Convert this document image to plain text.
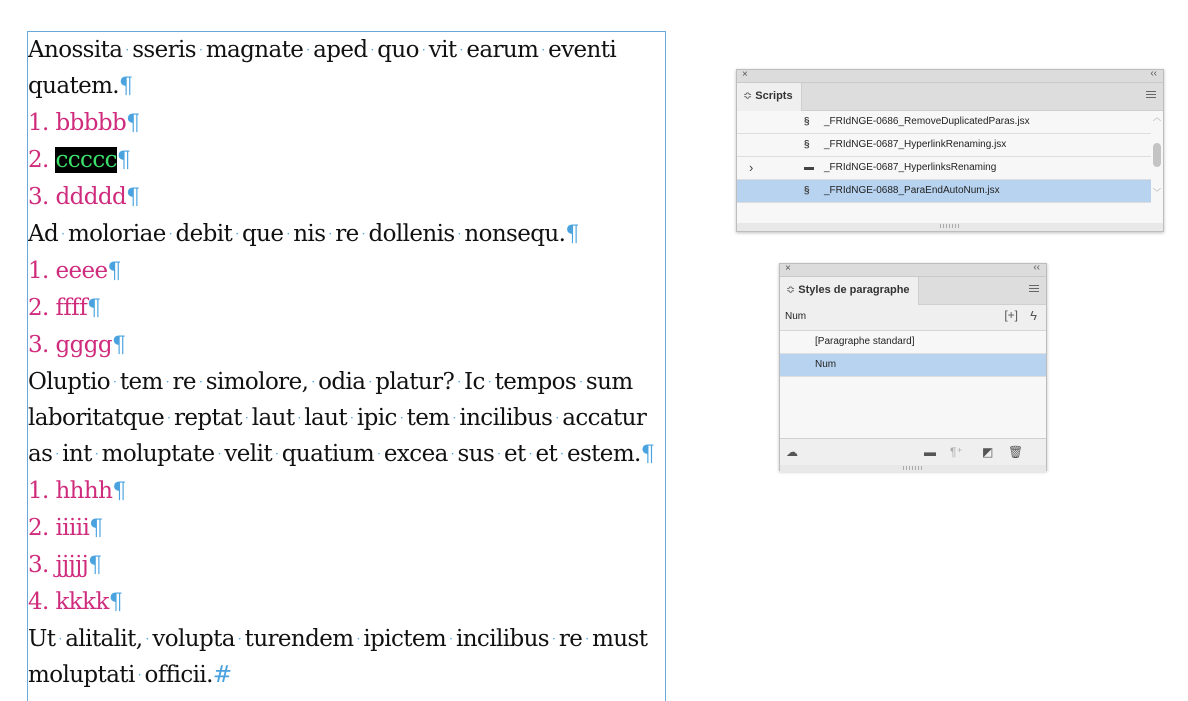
Anossita · sseris · magnate · aped · quo · vit · earum · eventi
quatem.¶
1. bbbbb¶
2. ccccc¶
3. ddddd¶
Ad · moloriae · debit · que · nis · re · dollenis · nonsequ.¶
1. eeee¶
2. ffff¶
3. gggg¶
Oluptio · tem · re · simolore, · odia · platur? · Ic · tempos · sum
laboritatque · reptat · laut · laut · ipic · tem · incilibus · accatur
as · int · moluptate · velit · quatium · excea · sus · et · et · estem.¶
1. hhhh¶
2. iiiii¶
3. jjjjj¶
4. kkkk¶
Ut · alitalit, · volupta · turendem · ipictem · incilibus · re · must
moluptati · officii.#
×	‹‹
≎ Scripts
§ _FRIdNGE-0686_RemoveDuplicatedParas.jsx
§ _FRIdNGE-0687_HyperlinkRenaming.jsx
›	▬ _FRIdNGE-0687_HyperlinksRenaming
§ _FRIdNGE-0688_ParaEndAutoNum.jsx
︿
﹀
×	‹‹
≎ Styles de paragraphe
Num	[+] ϟ
[Paragraphe standard]
Num
☁	▬ ¶⁺ ◩ 🗑
